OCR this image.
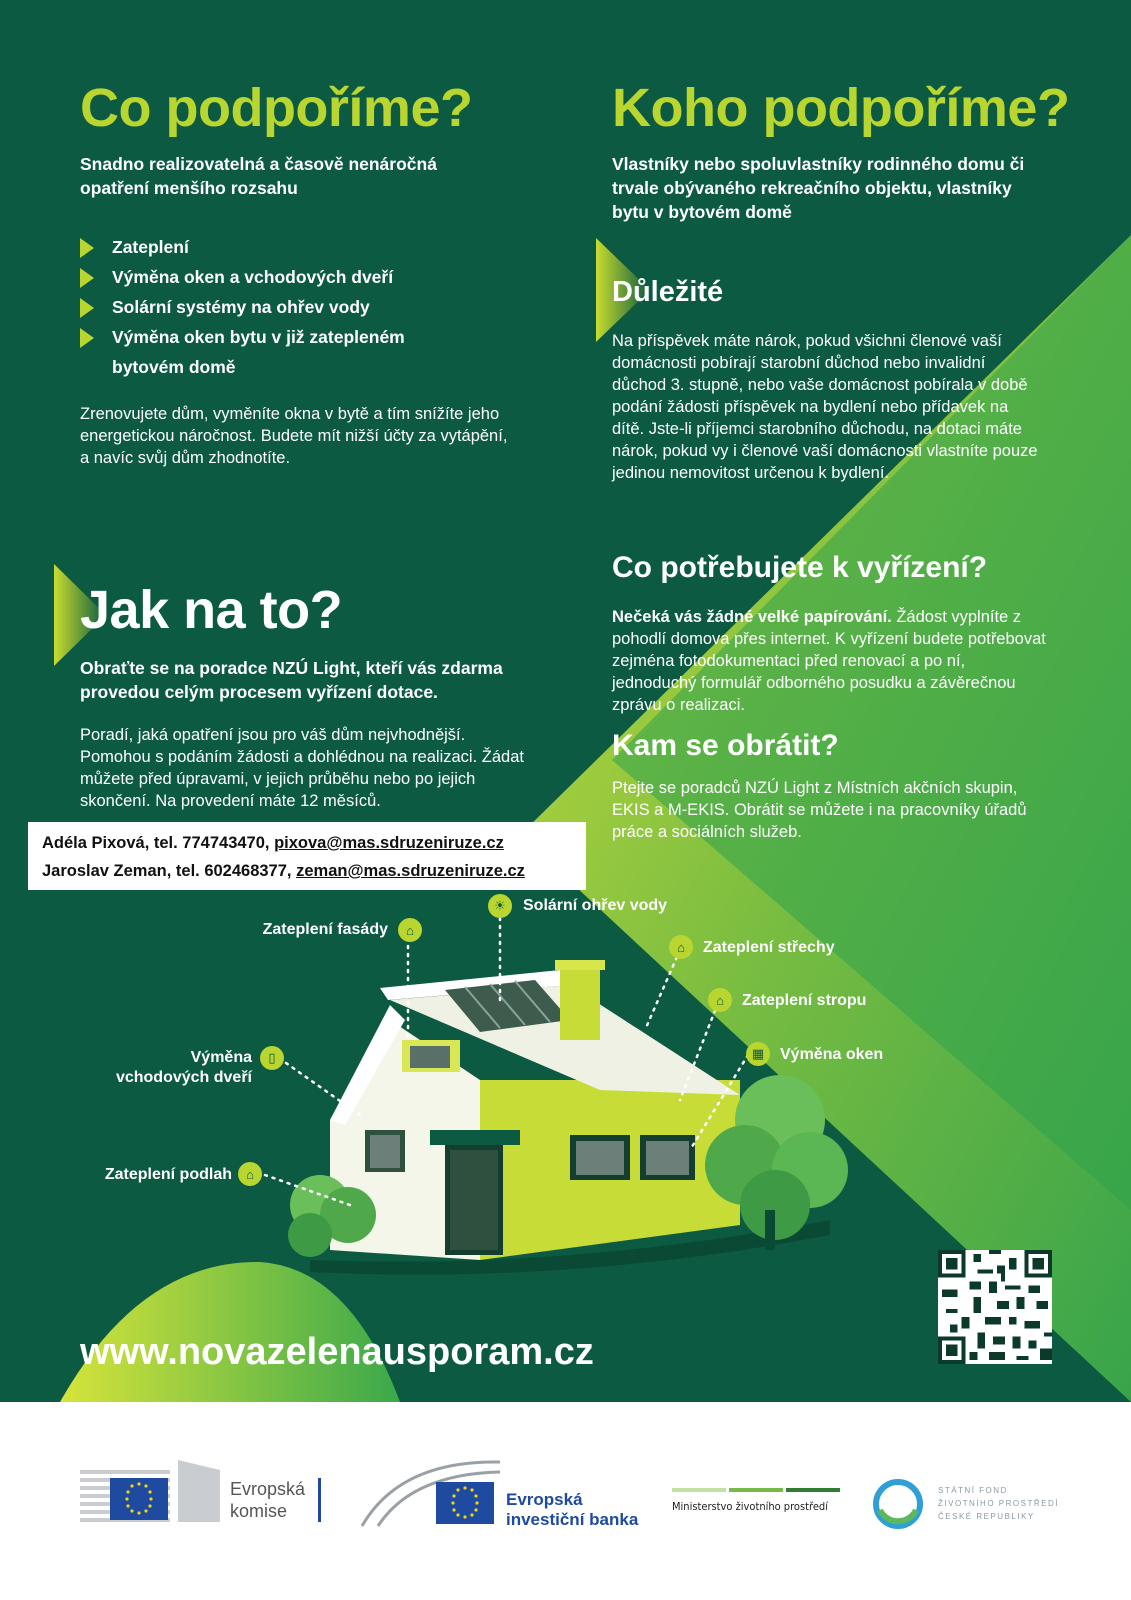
Co podpoříme?

Snadno realizovatelná a časově nenáročná opatření menšího rozsahu

Zateplení
Výměna oken a vchodových dveří
Solární systémy na ohřev vody
Výměna oken bytu v již zatepleném bytovém domě

Zrenovujete dům, vyměníte okna v bytě a tím snížíte jeho energetickou náročnost. Budete mít nižší účty za vytápění, a navíc svůj dům zhodnotíte.

Jak na to?

Obraťte se na poradce NZÚ Light, kteří vás zdarma provedou celým procesem vyřízení dotace.

Poradí, jaká opatření jsou pro váš dům nejvhodnější. Pomohou s podáním žádosti a dohlédnou na realizaci. Žádat můžete před úpravami, v jejich průběhu nebo po jejich skončení. Na provedení máte 12 měsíců.

Adéla Pixová, tel. 774743470, pixova@mas.sdruzeniruze.cz
Jaroslav Zeman, tel. 602468377, zeman@mas.sdruzeniruze.cz
Koho podpoříme?

Vlastníky nebo spoluvlastníky rodinného domu či trvale obývaného rekreačního objektu, vlastníky bytu v bytovém domě

Důležité

Na příspěvek máte nárok, pokud všichni členové vaší domácnosti pobírají starobní důchod nebo invalidní důchod 3. stupně, nebo vaše domácnost pobírala v době podání žádosti příspěvek na bydlení nebo přídavek na dítě. Jste-li příjemci starobního důchodu, na dotaci máte nárok, pokud vy i členové vaší domácnosti vlastníte pouze jedinou nemovitost určenou k bydlení.

Co potřebujete k vyřízení?

Nečeká vás žádné velké papírování. Žádost vyplníte z pohodlí domova přes internet. K vyřízení budete potřebovat zejména fotodokumentaci před renovací a po ní, jednoduchý formulář odborného posudku a závěrečnou zprávu o realizaci.

Kam se obrátit?

Ptejte se poradců NZÚ Light z Místních akčních skupin, EKIS a M-EKIS. Obrátit se můžete i na pracovníky úřadů práce a sociálních služeb.

Zateplení fasády	⌂
☀	Solární ohřev vody
⌂	Zateplení střechy
⌂	Zateplení stropu
▦ Výměna oken
Výměna
vchodových dveří
▯
Zateplení podlah	⌂

www.novazelenausporam.cz

Evropská
komise
Evropská
investiční banka
Ministerstvo životního prostředí
STÁTNÍ FOND
ŽIVOTNÍHO PROSTŘEDÍ
ČESKÉ REPUBLIKY
